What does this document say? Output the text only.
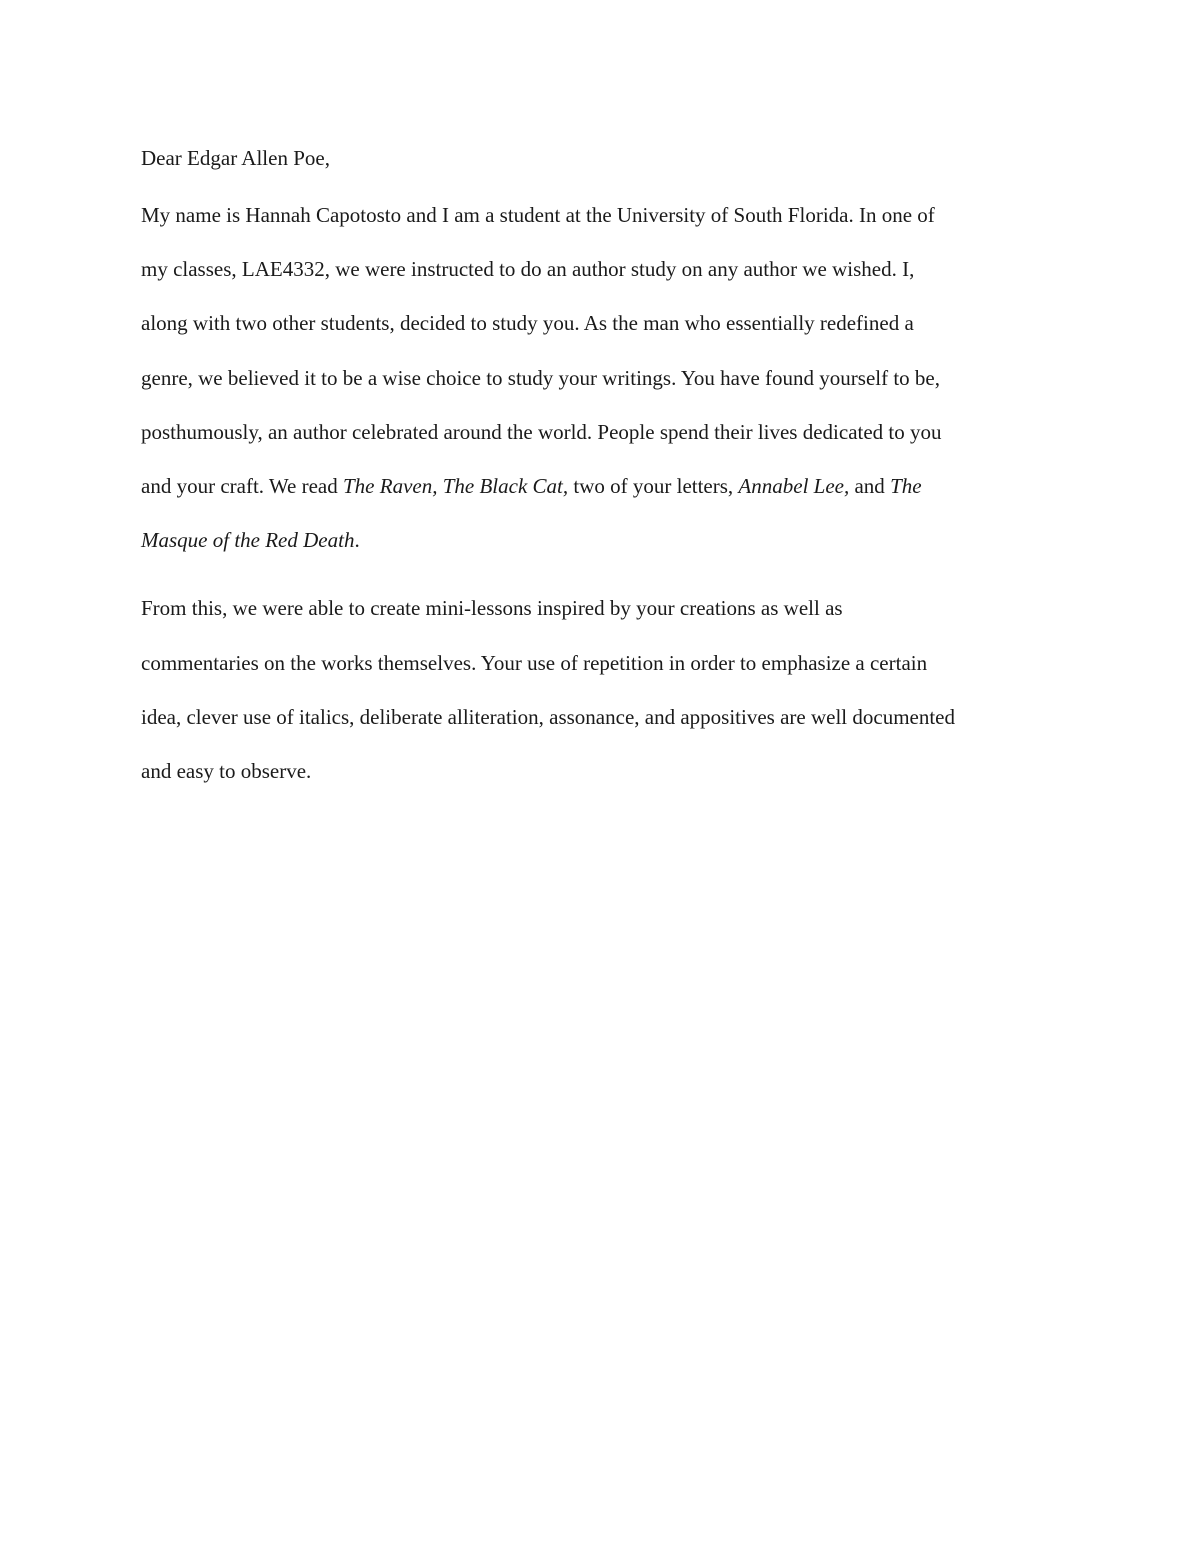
Dear Edgar Allen Poe,

My name is Hannah Capotosto and I am a student at the University of South Florida. In one of
my classes, LAE4332, we were instructed to do an author study on any author we wished. I,
along with two other students, decided to study you. As the man who essentially redefined a
genre, we believed it to be a wise choice to study your writings. You have found yourself to be,
posthumously, an author celebrated around the world. People spend their lives dedicated to you
and your craft. We read The Raven, The Black Cat, two of your letters, Annabel Lee, and The
Masque of the Red Death.

From this, we were able to create mini-lessons inspired by your creations as well as
commentaries on the works themselves. Your use of repetition in order to emphasize a certain
idea, clever use of italics, deliberate alliteration, assonance, and appositives are well documented
and easy to observe.
